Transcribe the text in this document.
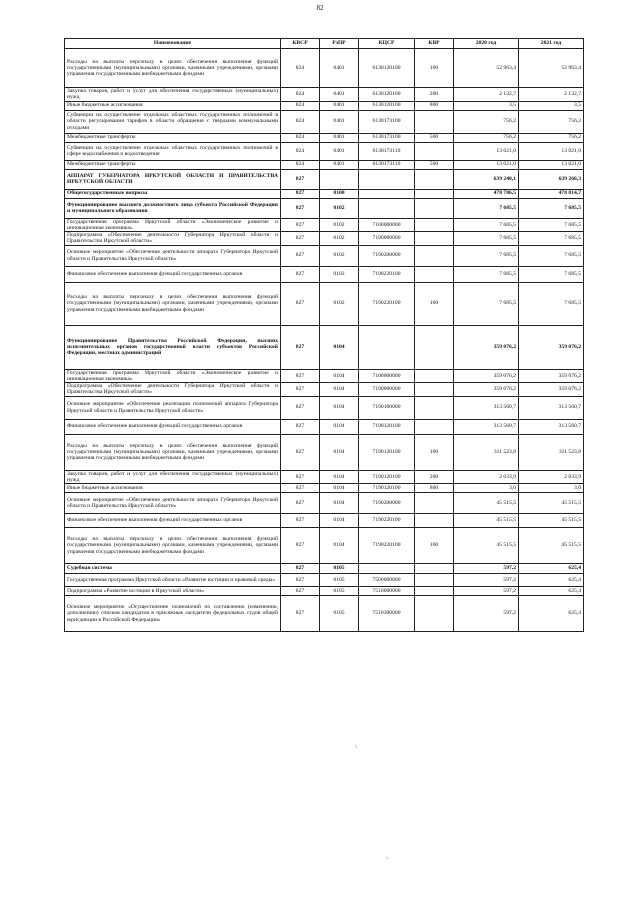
82
Наименование	КВСР	РзПР	КЦСР	КВР	2020 год	2021 год
Расходы на выплаты персоналу в целях обеспечения выполнения функций государственными (муниципальными) органами, казенными учреждениями, органами управления государственными внебюджетными фондами	824	0401	6130120100	100	52 963,4	52 963,4
Закупка товаров, работ и услуг для обеспечения государственных (муниципальных) нужд	824	0401	6130120100	200	2 132,7	2 132,7
Иные бюджетные ассигнования	824	0401	6130120100	800	3,5	3,5
Субвенции на осуществление отдельных областных государственных полномочий в области регулирования тарифов в области обращения с твердыми коммунальными отходами	824	0401	6130173100		756,2	756,2
Межбюджетные трансферты	824	0401	6130173100	500	756,2	756,2
Субвенции на осуществление отдельных областных государственных полномочий в сфере водоснабжения и водоотведения	824	0401	6130173110		13 021,0	13 021,0
Межбюджетные трансферты	824	0401	6130173110	500	13 021,0	13 021,0
АППАРАТ ГУБЕРНАТОРА ИРКУТСКОЙ ОБЛАСТИ И ПРАВИТЕЛЬСТВА ИРКУТСКОЙ ОБЛАСТИ	827				639 240,1	639 268,3
Общегосударственные вопросы	827	0100			478 786,5	478 814,7
Функционирование высшего должностного лица субъекта Российской Федерации и муниципального образования	827	0102			7 685,5	7 685,5
Государственная программа Иркутской области «Экономическое развитие и инновационная экономика»	827	0102	7100000000		7 685,5	7 685,5
Подпрограмма «Обеспечение деятельности Губернатора Иркутской области и Правительства Иркутской области»	827	0102	7190000000		7 685,5	7 685,5
Основное мероприятие «Обеспечение деятельности аппарата Губернатора Иркутской области и Правительства Иркутской области»	827	0102	7190200000		7 685,5	7 685,5
Финансовое обеспечение выполнения функций государственных органов	827	0102	7190220100		7 685,5	7 685,5
Расходы на выплаты персоналу в целях обеспечения выполнения функций государственными (муниципальными) органами, казенными учреждениями, органами управления государственными внебюджетными фондами	827	0102	7190220100	100	7 685,5	7 685,5
Функционирование Правительства Российской Федерации, высших исполнительных органов государственной власти субъектов Российской Федерации, местных администраций	827	0104			359 076,2	359 076,2
Государственная программа Иркутской области «Экономическое развитие и инновационная экономика»	827	0104	7100000000		359 076,2	359 076,2
Подпрограмма «Обеспечение деятельности Губернатора Иркутской области и Правительства Иркутской области»	827	0104	7190000000		359 076,2	359 076,2
Основное мероприятие «Обеспечение реализации полномочий аппарата Губернатора Иркутской области и Правительства Иркутской области»	827	0104	7190100000		313 560,7	313 560,7
Финансовое обеспечение выполнения функций государственных органов	827	0104	7190120100		313 560,7	313 560,7
Расходы на выплаты персоналу в целях обеспечения выполнения функций государственными (муниципальными) органами, казенными учреждениями, органами управления государственными внебюджетными фондами	827	0104	7190120100	100	311 523,8	311 523,8
Закупка товаров, работ и услуг для обеспечения государственных (муниципальных) нужд	827	0104	7190120100	200	2 033,9	2 033,9
Иные бюджетные ассигнования	827	0104	7190120100	800	3,0	3,0
Основное мероприятие «Обеспечение деятельности аппарата Губернатора Иркутской области и Правительства Иркутской области»	827	0104	7190200000		45 515,5	45 515,5
Финансовое обеспечение выполнения функций государственных органов	827	0104	7190220100		45 515,5	45 515,5
Расходы на выплаты персоналу в целях обеспечения выполнения функций государственными (муниципальными) органами, казенными учреждениями, органами управления государственными внебюджетными фондами	827	0104	7190220100	100	45 515,5	45 515,5
Судебная система	827	0105			597,2	625,4
Государственная программа Иркутской области «Развитие юстиции и правовой среды»	827	0105	7500000000		597,2	625,4
Подпрограмма «Развитие юстиции в Иркутской области»	827	0105	7510000000		597,2	625,4
Основное мероприятие «Осуществление полномочий по составлению (изменению, дополнению) списков кандидатов в присяжные заседатели федеральных судов общей юрисдикции в Российской Федерации»	827	0105	7510300000		597,2	625,4
